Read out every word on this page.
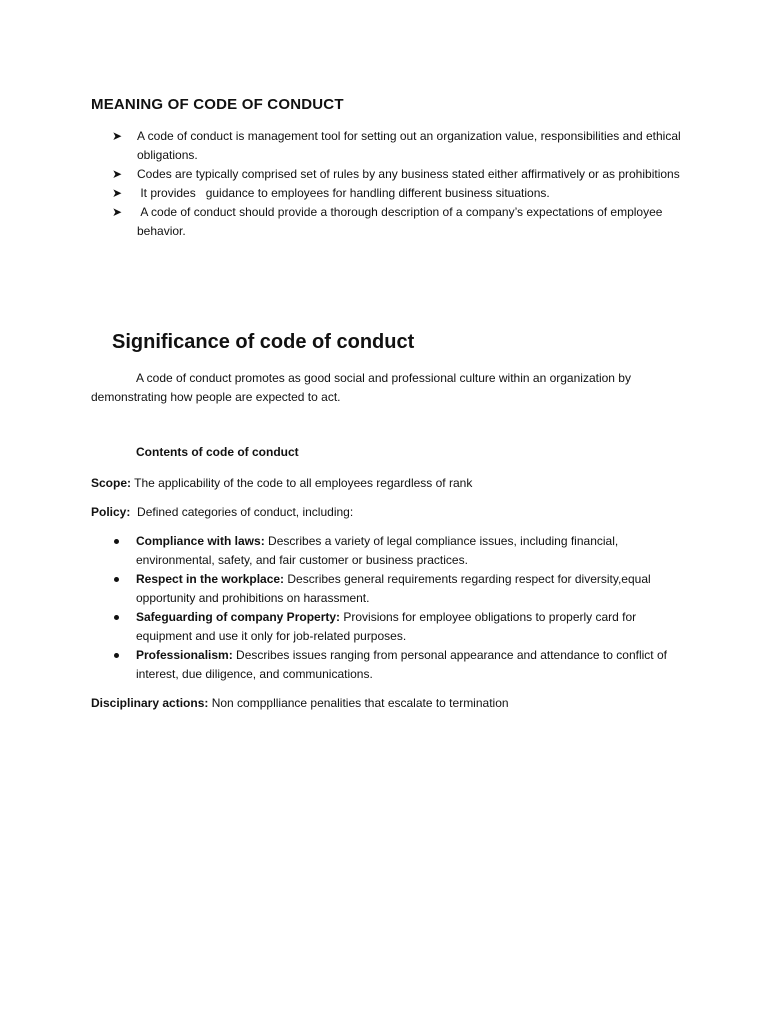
MEANING OF CODE OF CONDUCT
➤ A code of conduct is management tool for setting out an organization value, responsibilities and ethical obligations.
➤ Codes are typically comprised set of rules by any business stated either affirmatively or as prohibitions
➤ It provides   guidance to employees for handling different business situations.
➤ A code of conduct should provide a thorough description of a company’s expectations of employee behavior.
Significance of code of conduct

A code of conduct promotes as good social and professional culture within an organization by demonstrating how people are expected to act.

Contents of code of conduct
Scope: The applicability of the code to all employees regardless of rank
Policy:  Defined categories of conduct, including:
Compliance with laws: Describes a variety of legal compliance issues, including financial, environmental, safety, and fair customer or business practices.
Respect in the workplace: Describes general requirements regarding respect for diversity,equal opportunity and prohibitions on harassment.
Safeguarding of company Property: Provisions for employee obligations to properly card for equipment and use it only for job-related purposes.
Professionalism: Describes issues ranging from personal appearance and attendance to conflict of interest, due diligence, and communications.
Disciplinary actions: Non compplliance penalities that escalate to termination
